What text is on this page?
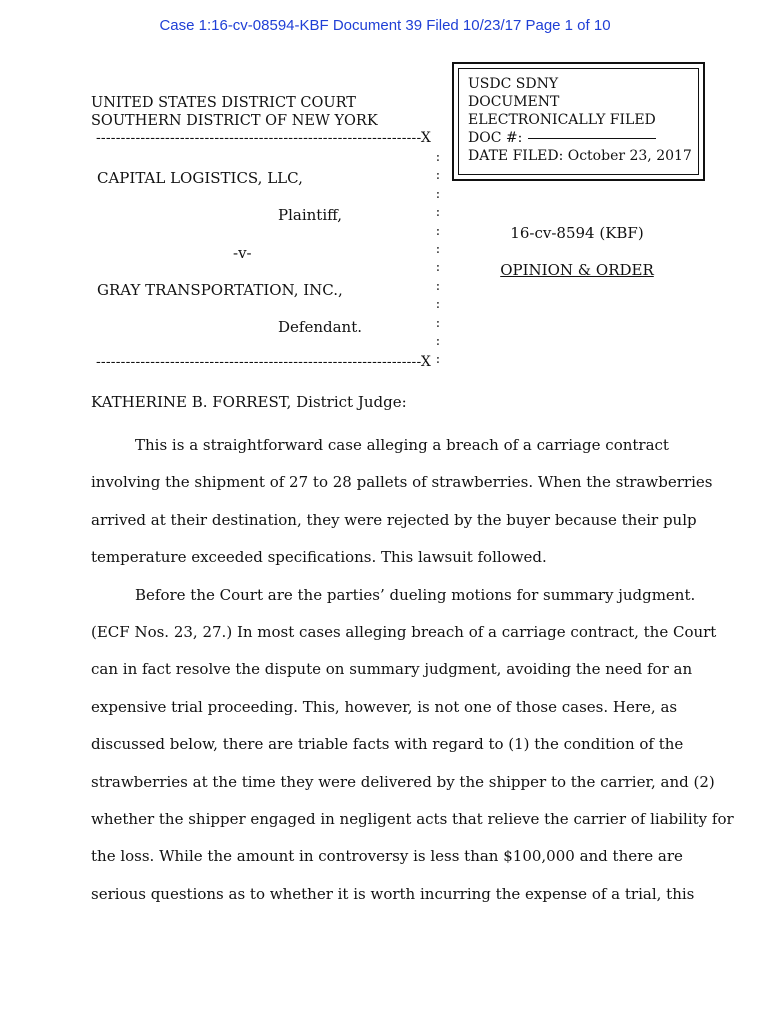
Case 1:16-cv-08594-KBF Document 39 Filed 10/23/17 Page 1 of 10
USDC SDNY
DOCUMENT
ELECTRONICALLY FILED
DOC #:
DATE FILED: October 23, 2017
UNITED STATES DISTRICT COURT
SOUTHERN DISTRICT OF NEW YORK
------------------------------------------------------------------X
:
:
:
:
:
:
:
:
:
:
:
:
CAPITAL LOGISTICS, LLC,
Plaintiff,
-v-
GRAY TRANSPORTATION, INC.,
Defendant.
------------------------------------------------------------------X
16-cv-8594 (KBF)
OPINION & ORDER
KATHERINE B. FORREST, District Judge:

This is a straightforward case alleging a breach of a carriage contract
involving the shipment of 27 to 28 pallets of strawberries. When the strawberries
arrived at their destination, they were rejected by the buyer because their pulp
temperature exceeded specifications. This lawsuit followed.

Before the Court are the parties’ dueling motions for summary judgment.
(ECF Nos. 23, 27.) In most cases alleging breach of a carriage contract, the Court
can in fact resolve the dispute on summary judgment, avoiding the need for an
expensive trial proceeding. This, however, is not one of those cases. Here, as
discussed below, there are triable facts with regard to (1) the condition of the
strawberries at the time they were delivered by the shipper to the carrier, and (2)
whether the shipper engaged in negligent acts that relieve the carrier of liability for
the loss. While the amount in controversy is less than $100,000 and there are
serious questions as to whether it is worth incurring the expense of a trial, this
